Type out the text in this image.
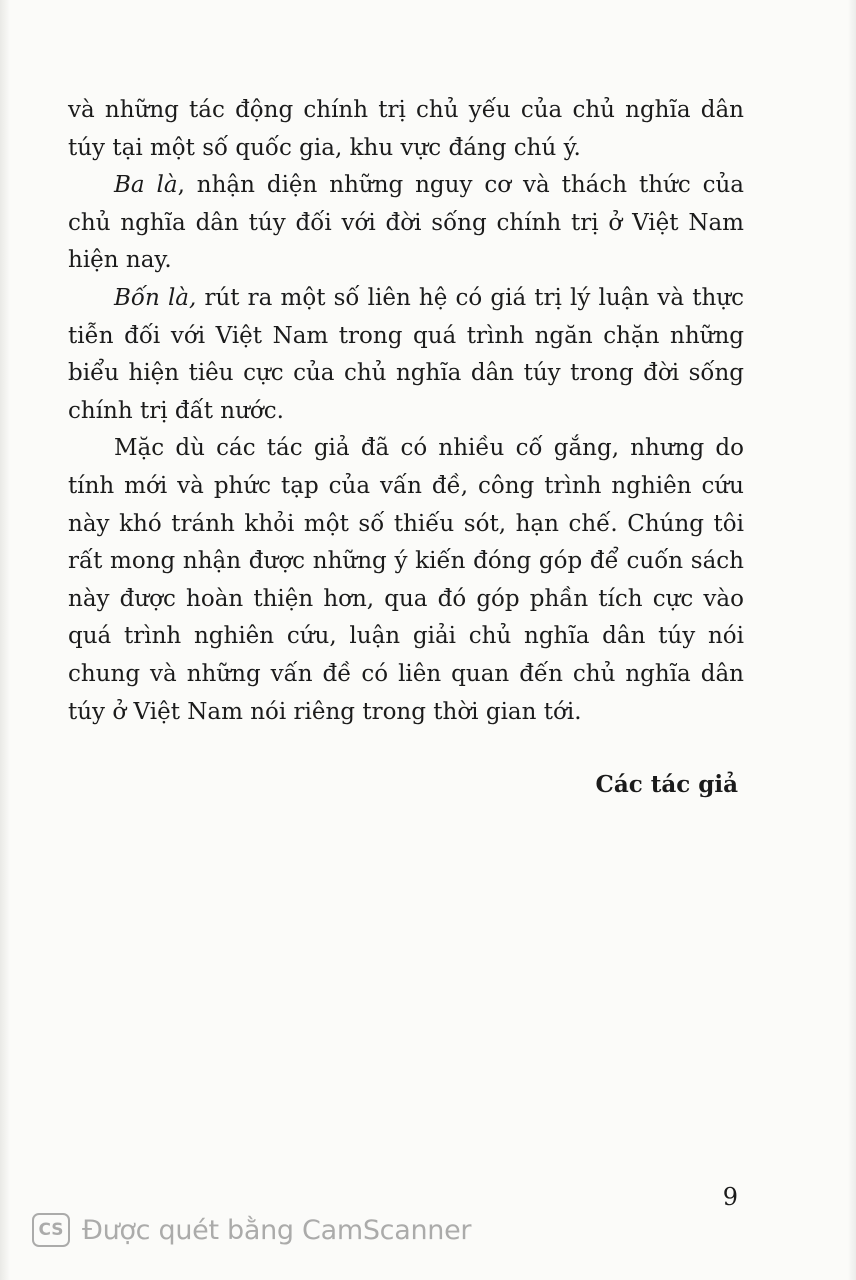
và những tác động chính trị chủ yếu của chủ nghĩa dân túy tại một số quốc gia, khu vực đáng chú ý.

Ba là, nhận diện những nguy cơ và thách thức của chủ nghĩa dân túy đối với đời sống chính trị ở Việt Nam hiện nay.

Bốn là, rút ra một số liên hệ có giá trị lý luận và thực tiễn đối với Việt Nam trong quá trình ngăn chặn những biểu hiện tiêu cực của chủ nghĩa dân túy trong đời sống chính trị đất nước.

Mặc dù các tác giả đã có nhiều cố gắng, nhưng do tính mới và phức tạp của vấn đề, công trình nghiên cứu này khó tránh khỏi một số thiếu sót, hạn chế. Chúng tôi rất mong nhận được những ý kiến đóng góp để cuốn sách này được hoàn thiện hơn, qua đó góp phần tích cực vào quá trình nghiên cứu, luận giải chủ nghĩa dân túy nói chung và những vấn đề có liên quan đến chủ nghĩa dân túy ở Việt Nam nói riêng trong thời gian tới.

Các tác giả
9
CS Được quét bằng CamScanner
